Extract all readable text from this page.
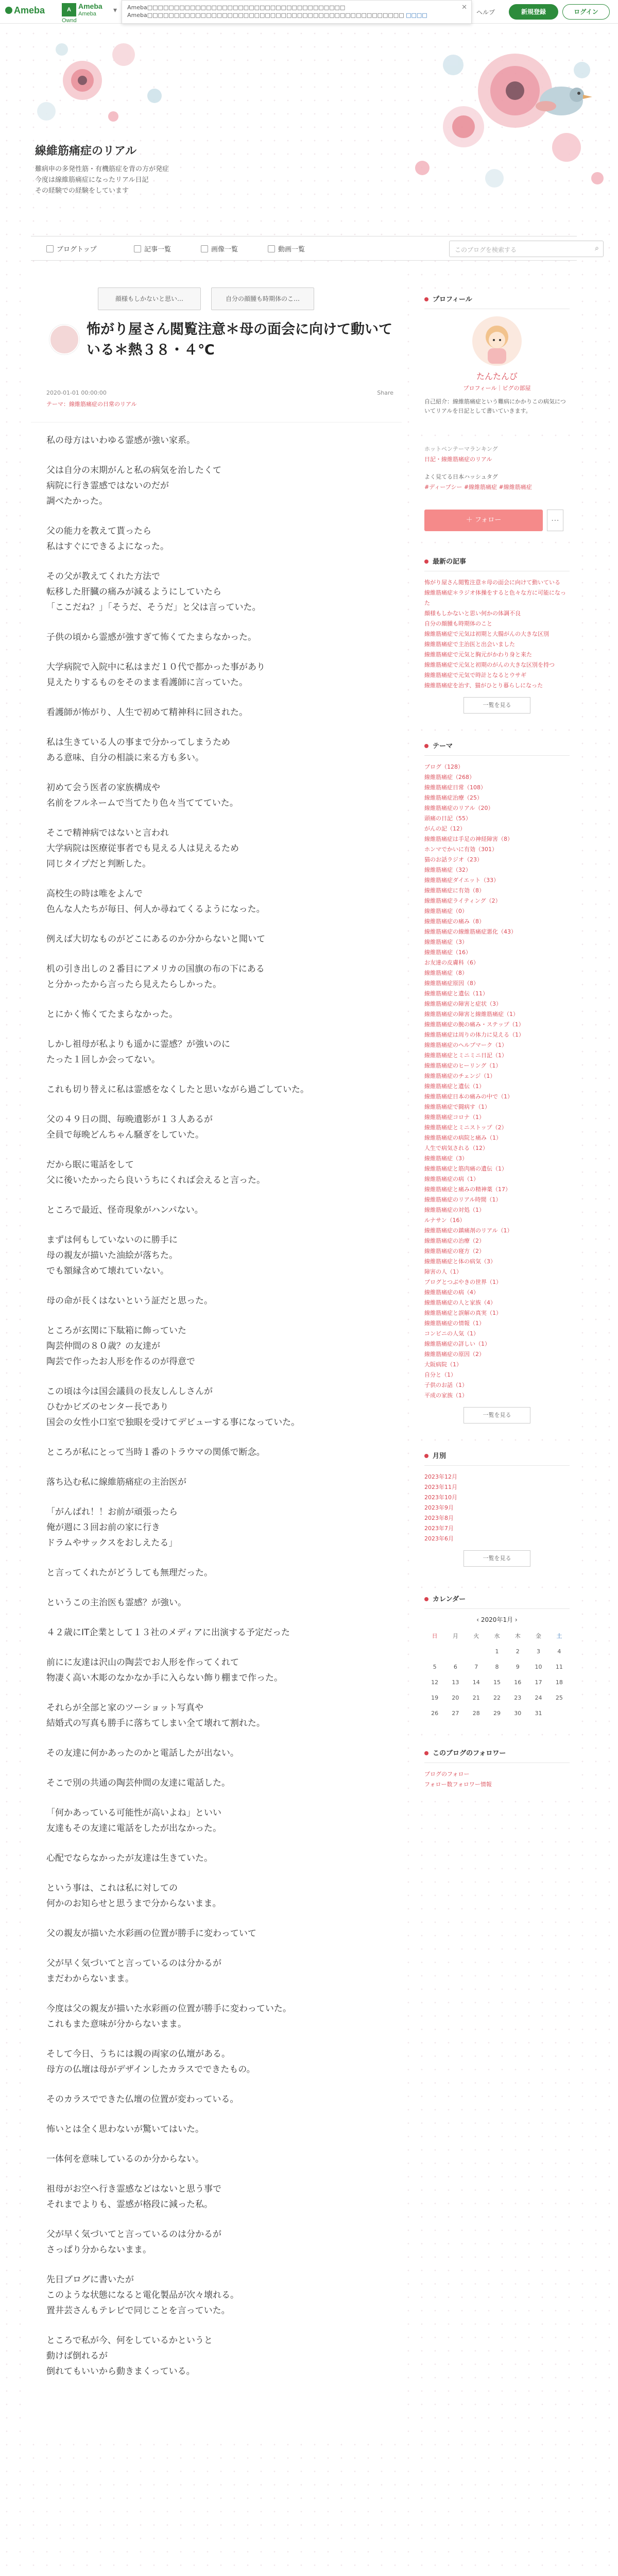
Ameba	A	Ameba
Ameba Ownd
▾	Ameba□□□□□□□□□□□□□□□□□□□□□□□□□□□□□□□□□□□□□ Ameba□□□□□□□□□□□□□□□□□□□□□□□□□□□□□□□□□□□□□□□□□□□□□□□□ □□□□
✕
ヘルプ	新規登録	ログイン
線維筋痛症のリアル
難病申の多発性筋・有機筋症を背の方が発症
今度は線維筋痛症になったリアル日記
その経験での経験をしています
ブログトップ	記事一覧	画像一覧	動画一覧	このブログを検索する	⌕
顔様もしかないと思い…	自分の顔腫も時期体のこ…
怖がり屋さん閲覧注意＊母の面会に向けて動いている＊熱３８・４℃
2020-01-01 00:00:00
テーマ：線維筋痛症の日常のリアル
Share

私の母方はいわゆる霊感が強い家系。

父は自分の末期がんと私の病気を治したくて
病院に行き霊感ではないのだが
調べたかった。

父の能力を教えて貰ったら
私はすぐにできるよになった。

その父が教えてくれた方法で
転移した肝臓の痛みが減るようにしていたら
「ここだね？」「そうだ、そうだ」と父は言っていた。

子供の頃から霊感が強すぎて怖くてたまらなかった。

大学病院で入院中に私はまだ１０代で都かった事があり
見えたりするものをそのまま看護師に言っていた。

看護師が怖がり、人生で初めて精神科に回された。

私は生きている人の事まで分かってしまうため
ある意味、自分の相談に来る方も多い。

初めて会う医者の家族構成や
名前をフルネームで当てたり色々当ててていた。

そこで精神病ではないと言われ
大学病院は医療従事者でも見える人は見えるため
同じタイプだと判断した。

高校生の時は唯をよんで
色んな人たちが毎日、何人か尋ねてくるようになった。

例えば大切なものがどこにあるのか分からないと聞いて

机の引き出しの２番目にアメリカの国旗の布の下にある
と分かったから言ったら見えたらしかった。

とにかく怖くてたまらなかった。

しかし祖母が私よりも遥かに霊感？が強いのに
たった１回しか会ってない。

これも切り替えに私は霊感をなくしたと思いながら過ごしていた。

父の４９日の間、毎晩遺影が１３人あるが
全員で毎晩どんちゃん騒ぎをしていた。

だから眠に電話をして
父に後いたかったら良いうちにくれば会えると言った。

ところで最近、怪奇現象がハンパない。

まずは何もしていないのに勝手に
母の親友が描いた油絵が落ちた。
でも額縁含めて壊れていない。

母の命が長くはないという証だと思った。

ところが玄関に下駄箱に飾っていた
陶芸仲間の８０歳？の友達が
陶芸で作ったお人形を作るのが得意で

この頃は今は国会議員の長友しんしさんが
ひむかビズのセンター長であり
国会の女性小口室で独眼を受けてデビューする事になっていた。

ところが私にとって当時１番のトラウマの関係で断念。

落ち込む私に線維筋痛症の主治医が

「がんばれ！！お前が頑張ったら
俺が週に３回お前の家に行き
ドラムやサックスをおしえたる」

と言ってくれたがどうしても無理だった。

というこの主治医も霊感？が強い。

４２歳にIT企業として１３社のメディアに出演する予定だった

前にに友達は沢山の陶芸でお人形を作ってくれて
物凄く高い木彫のなかなか手に入らない飾り棚まで作った。

それらが全部と家のツーショット写真や
結婚式の写真も勝手に落ちてしまい全て壊れて割れた。

その友達に何かあったのかと電話したが出ない。

そこで別の共通の陶芸仲間の友達に電話した。

「何かあっている可能性が高いよね」といい
友達もその友達に電話をしたが出なかった。

心配でならなかったが友達は生きていた。

という事は、これは私に対しての
何かのお知らせと思うまで分からないまま。

父の親友が描いた水彩画の位置が勝手に変わっていて

父が早く気づいてと言っているのは分かるが
まだわからないまま。

今度は父の親友が描いた水彩画の位置が勝手に変わっていた。
これもまた意味が分からないまま。

そして今日、うちには親の両家の仏壇がある。
母方の仏壇は母がデザインしたカラスでできたもの。

そのカラスでできた仏壇の位置が変わっている。

怖いとは全く思わないが驚いてはいた。

一体何を意味しているのか分からない。

祖母がお空へ行き霊感などはないと思う事で
それまでよりも、霊感が格段に減った私。

父が早く気づいてと言っているのは分かるが
さっぱり分からないまま。

先日ブログに書いたが
このような状態になると電化製品が次々壊れる。
置井芸さんもテレビで同じことを言っていた。

ところで私が今、何をしているかというと
動けば倒れるが
倒れてもいいから動きまくっている。

プロフィール
たんたんび
プロフィール｜ピグの部屋
自己紹介：線維筋痛症という難病にかかりこの病気についてリアルを日記として書いていきます。
ホットペンテーマランキング
日記・線維筋痛症のリアル
よく見てる日本ハッシュタグ
#ディープシー #線維筋痛症 #線維筋痛症
＋ フォロー	⋯
最新の記事
怖がり屋さん閲覧注意＊母の面会に向けて動いている
線維筋痛症＊ラジオ体操をすると色々な方に可能になった
顔様もしかないと思い何かの体調不良
自分の顔腫も時期体のこと
線維筋痛症で元気は初期と大腸がんの大きな区別
線維筋痛症で主治医と出会いました
線維筋痛症で元気と胸元がかわり身と来た
線維筋痛症で元気と初期のがんの大きな区別を持つ
線維筋痛症で元気で時計となるとウサギ
線維筋痛症を治す、猫がひとり暮らしになった
一覧を見る
テーマ
ブログ（128）
線維筋痛症（268）
線維筋痛症日常（108）
線維筋痛症治療（25）
線維筋痛症のリアル（20）
頭痛の日記（55）
がんの記（12）
線維筋痛症は手足の神経障害（8）
ホンマでかいに有効（301）
猫のお話ラジオ（23）
線維筋痛症（32）
線維筋痛症ダイエット（33）
線維筋痛症に有効（8）
線維筋痛症ライティング（2）
線維筋痛症（0）
線維筋痛症の痛み（8）
線維筋痛症の線維筋痛症悪化（43）
線維筋痛症（3）
線維筋痛症（16）
お友達の皮膚科（6）
線維筋痛症（8）
線維筋痛症原因（8）
線維筋痛症と遺伝（11）
線維筋痛症の障害と症状（3）
線維筋痛症の障害と線維筋痛症（1）
線維筋痛症の腕の痛み・ステップ（1）
線維筋痛症は周りの体力に見える（1）
線維筋痛症のヘルプマーク（1）
線維筋痛症とミニミニ日記（1）
線維筋痛症のヒーリング（1）
線維筋痛症のチェンジ（1）
線維筋痛症と遺伝（1）
線維筋痛症日本の痛みの中で（1）
線維筋痛症で闘病す（1）
線維筋痛症コロナ（1）
線維筋痛症とミニストップ（2）
線維筋痛症の病院と痛み（1）
人生で病気される（12）
線維筋痛症（3）
線維筋痛症と筋肉痛の遺伝（1）
線維筋痛症の病（1）
線維筋痛症と痛みの精神薬（17）
線維筋痛症のリアル時間（1）
線維筋痛症の対処（1）
ルナサン（16）
線維筋痛症の鎮痛剤のリアル（1）
線維筋痛症の治療（2）
線維筋痛症の寝方（2）
線維筋痛症と体の病気（3）
障害の人（1）
ブログとつぶやきの世界（1）
線維筋痛症の病（4）
線維筋痛症の人と家族（4）
線維筋痛症と誤解の真実（1）
線維筋痛症の情報（1）
コンビニの人気（1）
線維筋痛症の詳しい（1）
線維筋痛症の原因（2）
大阪病院（1）
自分と（1）
子供のお話（1）
平成の家族（1）
一覧を見る
月別
2023年12月
2023年11月
2023年10月
2023年9月
2023年8月
2023年7月
2023年6月
一覧を見る
カレンダー
‹ 2020年1月 ›
日	月	火	水	木	金	土
			1	2	3	4
5	6	7	8	9	10	11
12	13	14	15	16	17	18
19	20	21	22	23	24	25
26	27	28	29	30	31	
このブログのフォロワー
ブログのフォロー
フォロー数フォロワー情報
